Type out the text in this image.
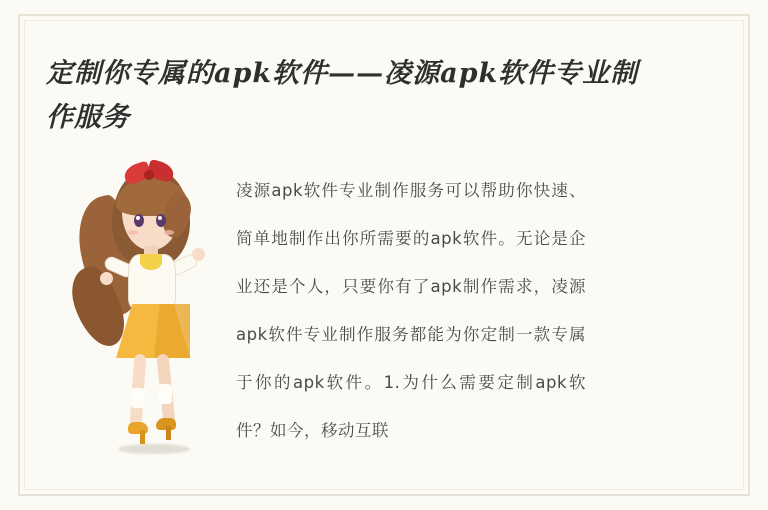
定制你专属的apk软件——凌源apk软件专业制作服务

凌源apk软件专业制作服务可以帮助你快速、简单地制作出你所需要的apk软件。无论是企业还是个人，只要你有了apk制作需求，凌源apk软件专业制作服务都能为你定制一款专属于你的apk软件。1.为什么需要定制apk软件？如今，移动互联
